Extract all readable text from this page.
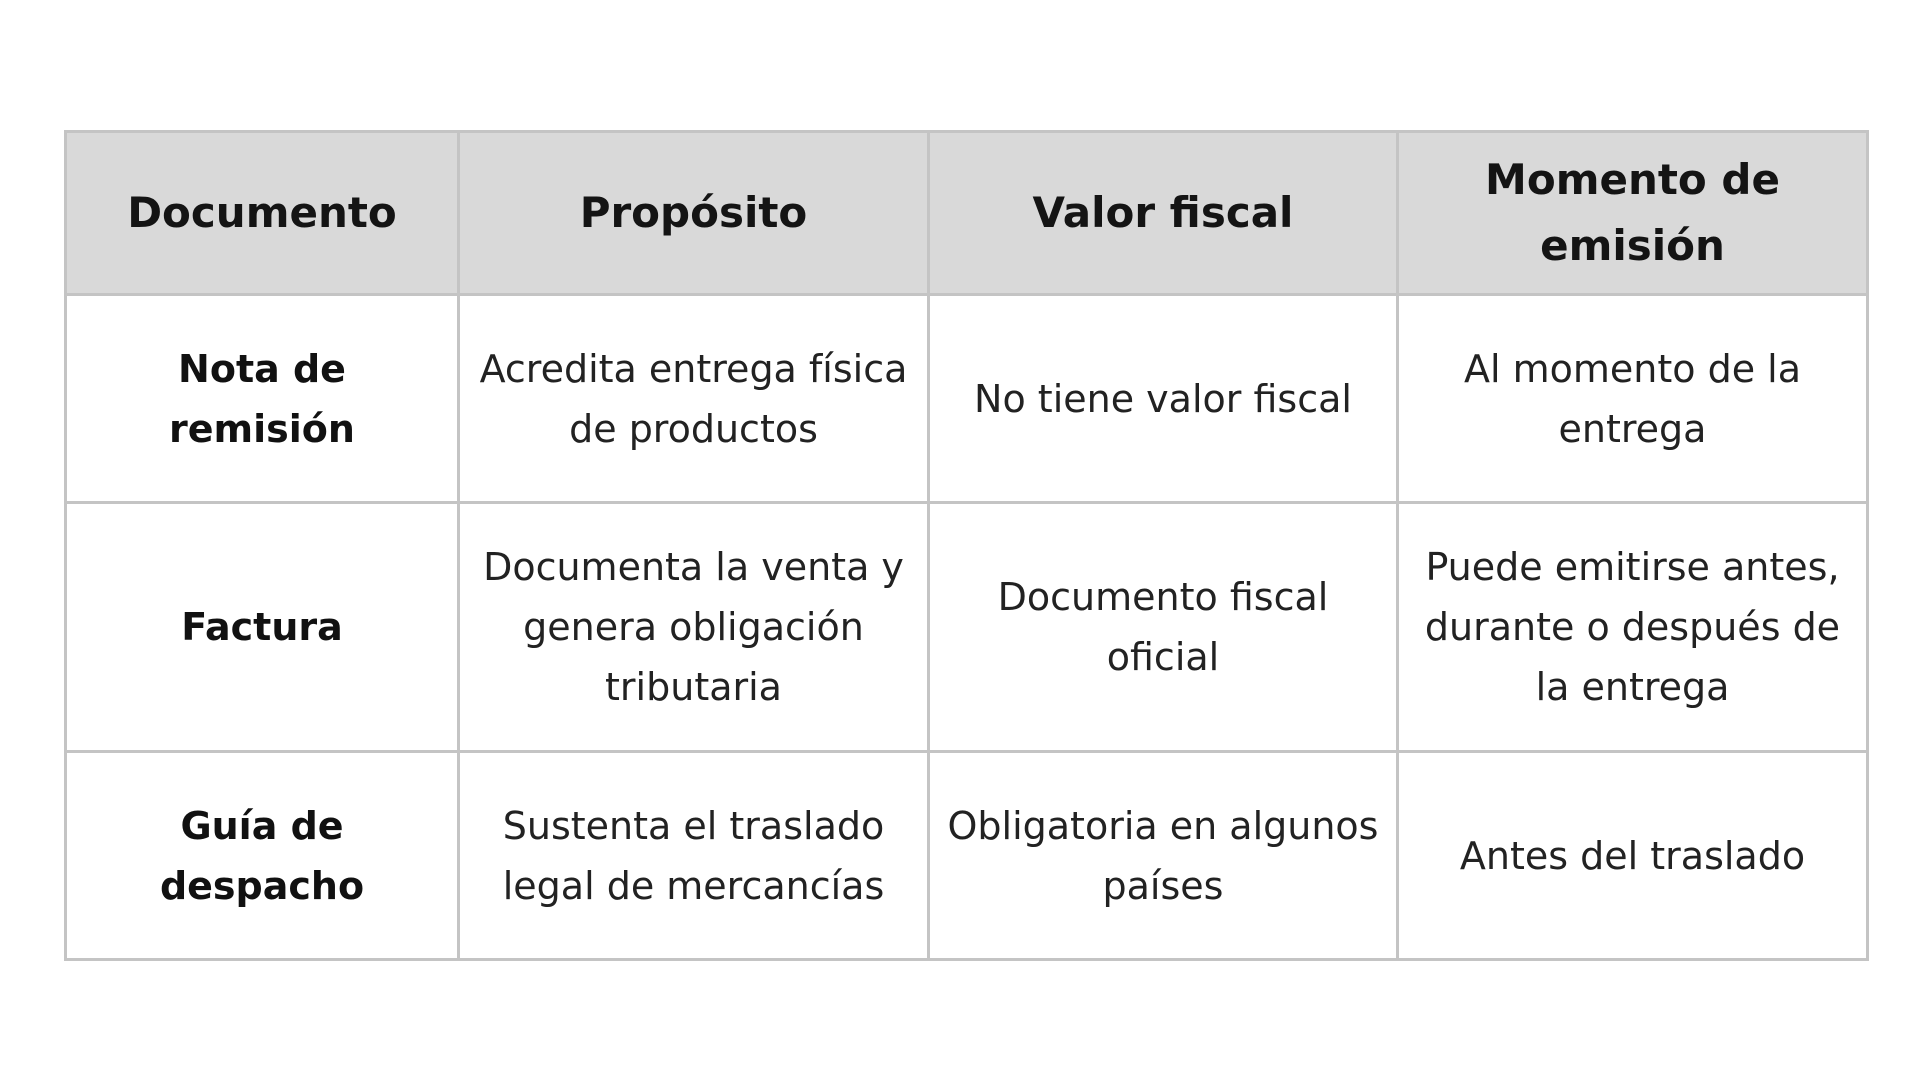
Documento	Propósito	Valor fiscal	Momento de emisión
Nota de remisión	Acredita entrega física de productos	No tiene valor fiscal	Al momento de la entrega
Factura	Documenta la venta y genera obligación tributaria	Documento fiscal oficial	Puede emitirse antes, durante o después de la entrega
Guía de despacho	Sustenta el traslado legal de mercancías	Obligatoria en algunos países	Antes del traslado
